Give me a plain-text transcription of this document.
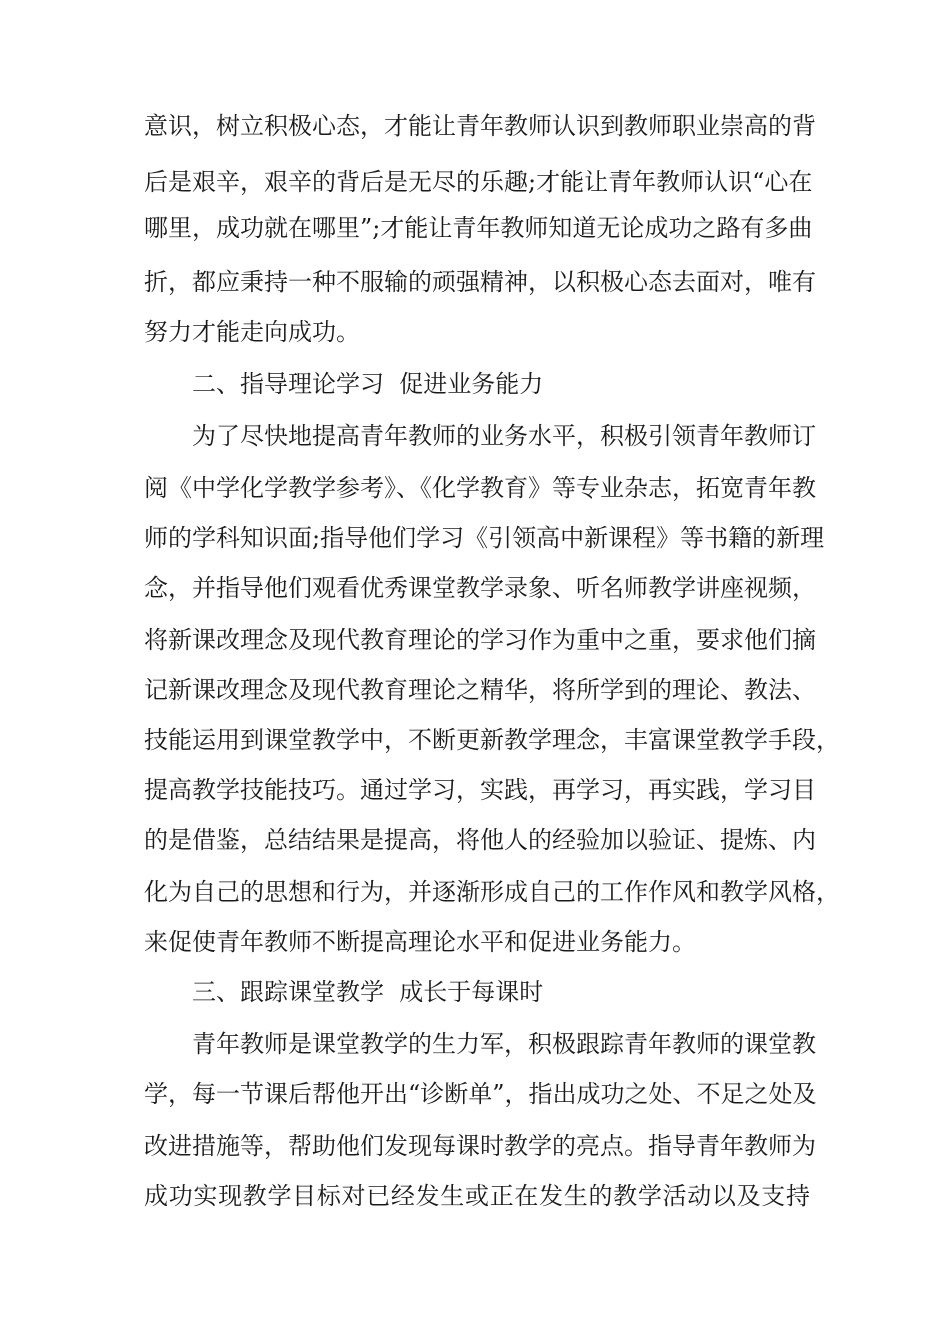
意识，树立积极心态，才能让青年教师认识到教师职业崇高的背
后是艰辛，艰辛的背后是无尽的乐趣;才能让青年教师认识“心在
哪里，成功就在哪里”;才能让青年教师知道无论成功之路有多曲
折，都应秉持一种不服输的顽强精神，以积极心态去面对，唯有
努力才能走向成功。
二、指导理论学习  促进业务能力
为了尽快地提高青年教师的业务水平，积极引领青年教师订
阅《中学化学教学参考》、《化学教育》等专业杂志，拓宽青年教
师的学科知识面;指导他们学习《引领高中新课程》等书籍的新理
念，并指导他们观看优秀课堂教学录象、听名师教学讲座视频，
将新课改理念及现代教育理论的学习作为重中之重，要求他们摘
记新课改理念及现代教育理论之精华，将所学到的理论、教法、
技能运用到课堂教学中，不断更新教学理念，丰富课堂教学手段，
提高教学技能技巧。通过学习，实践，再学习，再实践，学习目
的是借鉴，总结结果是提高，将他人的经验加以验证、提炼、内
化为自己的思想和行为，并逐渐形成自己的工作作风和教学风格，
来促使青年教师不断提高理论水平和促进业务能力。
三、跟踪课堂教学  成长于每课时
青年教师是课堂教学的生力军，积极跟踪青年教师的课堂教
学，每一节课后帮他开出“诊断单”，指出成功之处、不足之处及
改进措施等，帮助他们发现每课时教学的亮点。指导青年教师为
成功实现教学目标对已经发生或正在发生的教学活动以及支持
